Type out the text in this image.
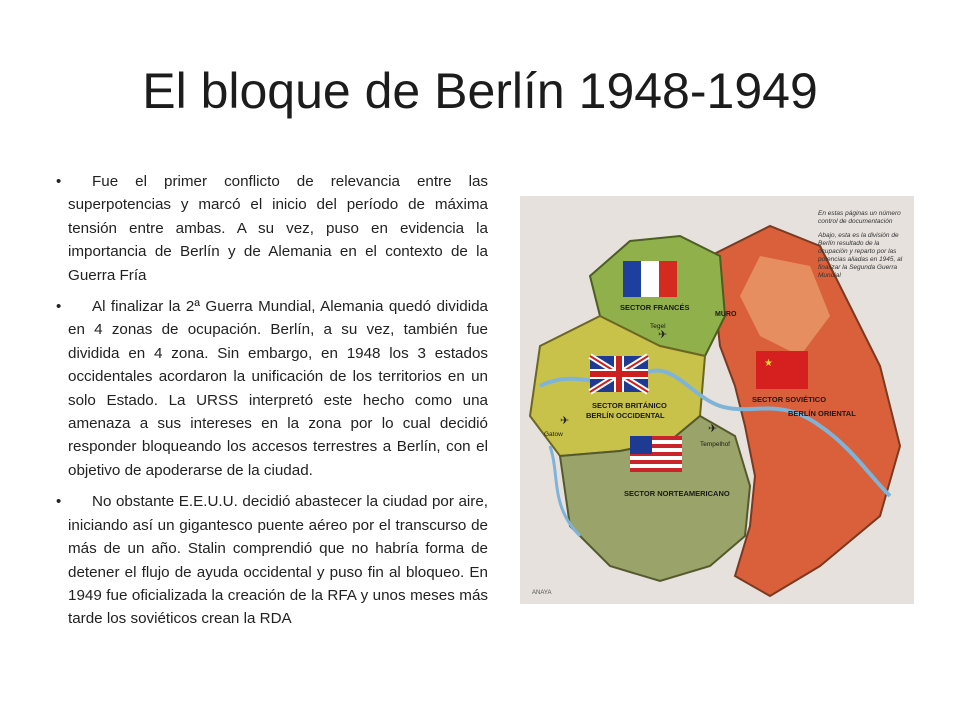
El bloque de Berlín 1948-1949
• Fue el primer conflicto de relevancia entre las superpotencias y marcó el inicio del período de máxima tensión entre ambas. A su vez, puso en evidencia la importancia de Berlín y de Alemania en el contexto de la Guerra Fría
• Al finalizar la 2ª Guerra Mundial, Alemania quedó dividida en 4 zonas de ocupación. Berlín, a su vez, también fue dividida en 4 zona. Sin embargo, en 1948 los 3 estados occidentales acordaron la unificación de los territorios en un solo Estado. La URSS interpretó este hecho como una amenaza a sus intereses en la zona por lo cual decidió responder bloqueando los accesos terrestres a Berlín, con el objetivo de apoderarse de la ciudad.
• No obstante E.E.U.U. decidió abastecer la ciudad por aire, iniciando así un gigantesco puente aéreo por el transcurso de más de un año. Stalin comprendió que no habría forma de detener el flujo de ayuda occidental y puso fin al bloqueo. En 1949 fue oficializada la creación de la RFA y unos meses más tarde los soviéticos crean la RDA
★
✈
✈
✈
SECTOR FRANCÉS
Tegel
MURO
SECTOR BRITÁNICO
BERLÍN OCCIDENTAL
Gatow
Tempelhof
SECTOR NORTEAMERICANO
SECTOR SOVIÉTICO
BERLÍN ORIENTAL
ANAYA
En estas páginas un número control de documentación
Abajo, esta es la división de Berlín resultado de la ocupación y reparto por las potencias aliadas en 1945, al finalizar la Segunda Guerra Mundial
